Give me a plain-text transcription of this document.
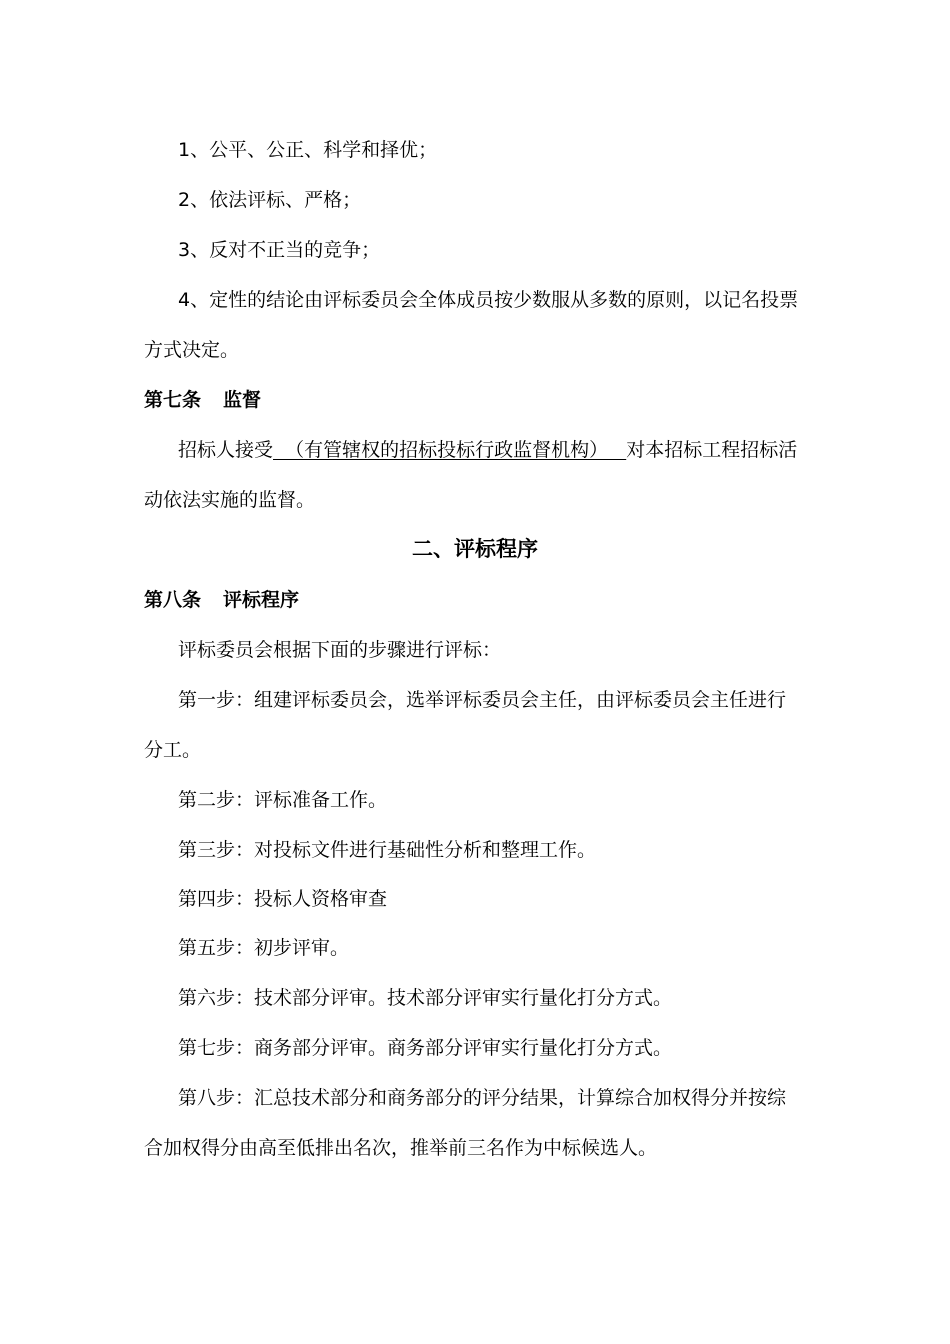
1、公平、公正、科学和择优；
2、依法评标、严格；
3、反对不正当的竞争；
4、定性的结论由评标委员会全体成员按少数服从多数的原则，以记名投票
方式决定。
第七条 监督
招标人接受  （有管辖权的招标投标行政监督机构）   对本招标工程招标活
动依法实施的监督。
二、评标程序
第八条 评标程序
评标委员会根据下面的步骤进行评标：
第一步：组建评标委员会，选举评标委员会主任，由评标委员会主任进行
分工。
第二步：评标准备工作。
第三步：对投标文件进行基础性分析和整理工作。
第四步：投标人资格审查
第五步：初步评审。
第六步：技术部分评审。技术部分评审实行量化打分方式。
第七步：商务部分评审。商务部分评审实行量化打分方式。
第八步：汇总技术部分和商务部分的评分结果，计算综合加权得分并按综
合加权得分由高至低排出名次，推举前三名作为中标候选人。
